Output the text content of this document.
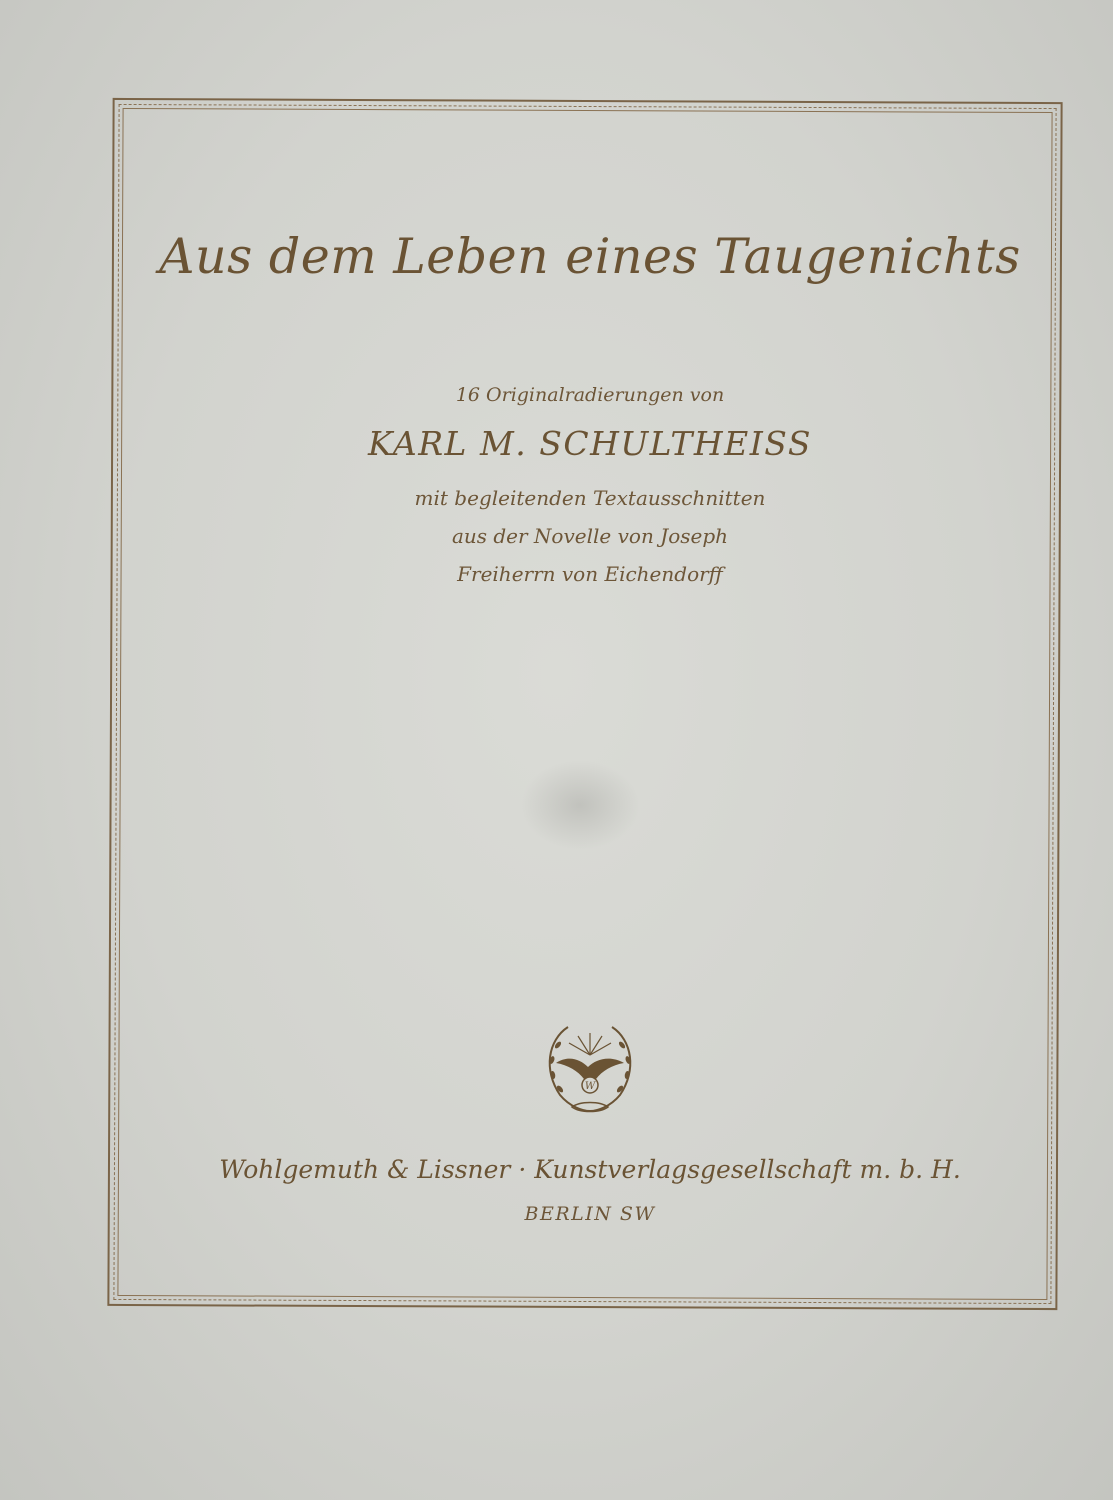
Aus dem Leben eines Taugenichts
16 Originalradierungen von
KARL M. SCHULTHEISS
mit begleitenden Textausschnitten
aus der Novelle von Joseph
Freiherrn von Eichendorff
W
Wohlgemuth & Lissner · Kunstverlagsgesellschaft m. b. H.
BERLIN SW
